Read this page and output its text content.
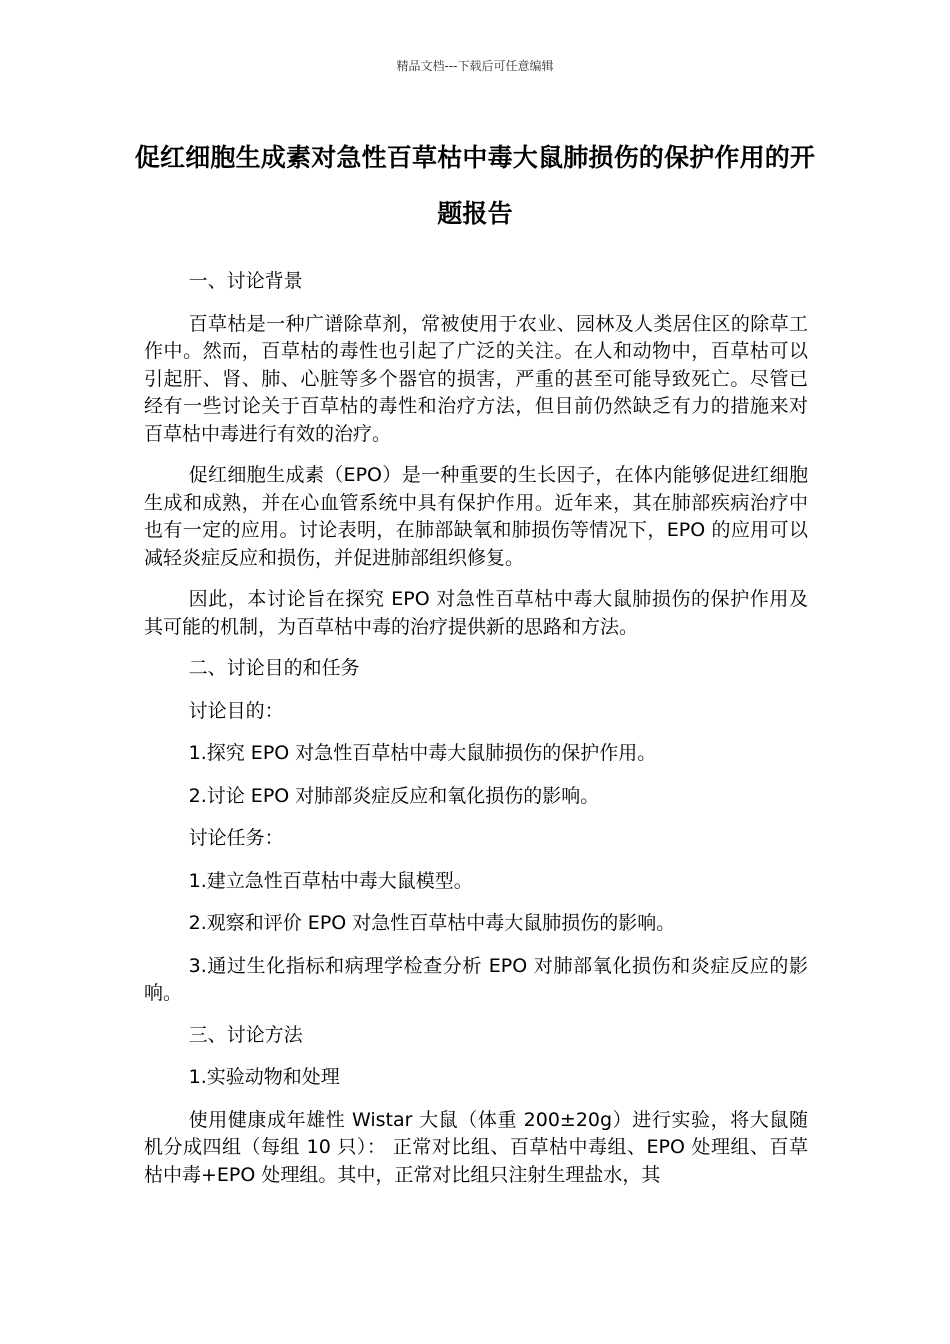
精品文档---下载后可任意编辑
促红细胞生成素对急性百草枯中毒大鼠肺损伤的保护作用的开题报告

一、讨论背景

百草枯是一种广谱除草剂，常被使用于农业、园林及人类居住区的除草工作中。然而，百草枯的毒性也引起了广泛的关注。在人和动物中，百草枯可以引起肝、肾、肺、心脏等多个器官的损害，严重的甚至可能导致死亡。尽管已经有一些讨论关于百草枯的毒性和治疗方法，但目前仍然缺乏有力的措施来对百草枯中毒进行有效的治疗。

促红细胞生成素（EPO）是一种重要的生长因子，在体内能够促进红细胞生成和成熟，并在心血管系统中具有保护作用。近年来，其在肺部疾病治疗中也有一定的应用。讨论表明，在肺部缺氧和肺损伤等情况下，EPO 的应用可以减轻炎症反应和损伤，并促进肺部组织修复。

因此，本讨论旨在探究 EPO 对急性百草枯中毒大鼠肺损伤的保护作用及其可能的机制，为百草枯中毒的治疗提供新的思路和方法。

二、讨论目的和任务

讨论目的：

1.探究 EPO 对急性百草枯中毒大鼠肺损伤的保护作用。

2.讨论 EPO 对肺部炎症反应和氧化损伤的影响。

讨论任务：

1.建立急性百草枯中毒大鼠模型。

2.观察和评价 EPO 对急性百草枯中毒大鼠肺损伤的影响。

3.通过生化指标和病理学检查分析 EPO 对肺部氧化损伤和炎症反应的影响。

三、讨论方法

1.实验动物和处理

使用健康成年雄性 Wistar 大鼠（体重 200±20g）进行实验，将大鼠随机分成四组（每组 10 只）： 正常对比组、百草枯中毒组、EPO 处理组、百草枯中毒+EPO 处理组。其中，正常对比组只注射生理盐水，其
